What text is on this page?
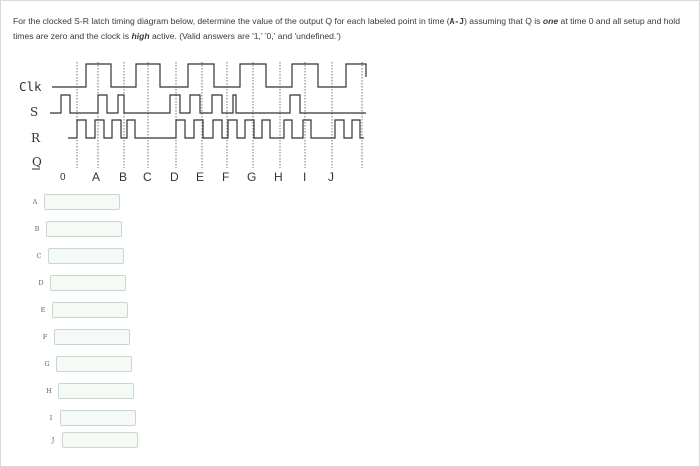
For the clocked S-R latch timing diagram below, determine the value of the output Q for each labeled point in time (A-J) assuming that Q is one at time 0 and all setup and hold times are zero and the clock is high active. (Valid answers are '1,' '0,' and 'undefined.')
Clk
S
R
Q
0 A B C D E F G H I J
A
B
C
D
E
F
G
H
I
J
